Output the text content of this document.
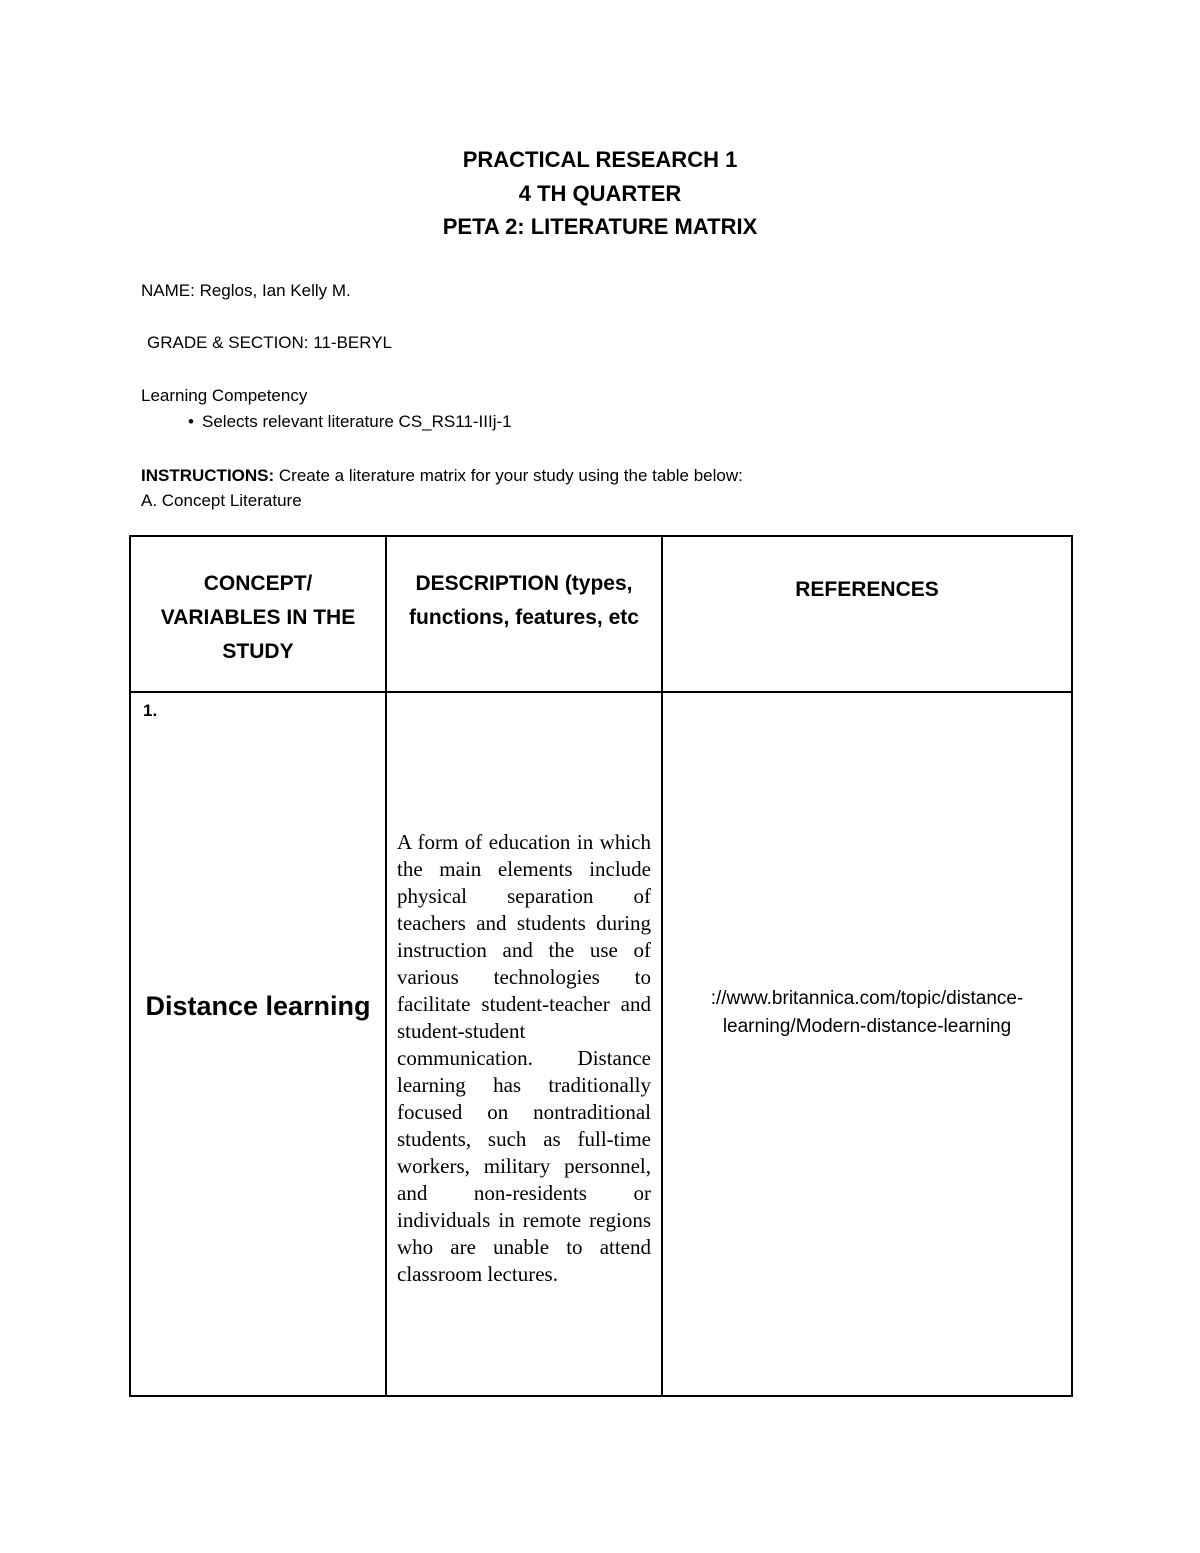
PRACTICAL RESEARCH 1
4 TH QUARTER
PETA 2: LITERATURE MATRIX
NAME: Reglos, Ian Kelly M.
GRADE & SECTION: 11-BERYL
Learning Competency
• Selects relevant literature CS_RS11-IIIj-1
INSTRUCTIONS: Create a literature matrix for your study using the table below:
A. Concept Literature
CONCEPT/ VARIABLES IN THE STUDY	DESCRIPTION (types, functions, features, etc	REFERENCES

1.
Distance learning	A form of education in which the main elements include physical separation of teachers and students during instruction and the use of various technologies to facilitate student-teacher and student-student communication. Distance learning has traditionally focused on nontraditional students, such as full-time workers, military personnel, and non-residents or individuals in remote regions who are unable to attend classroom lectures.	://www.britannica.com/topic/distance-learning/Modern-distance-learning
